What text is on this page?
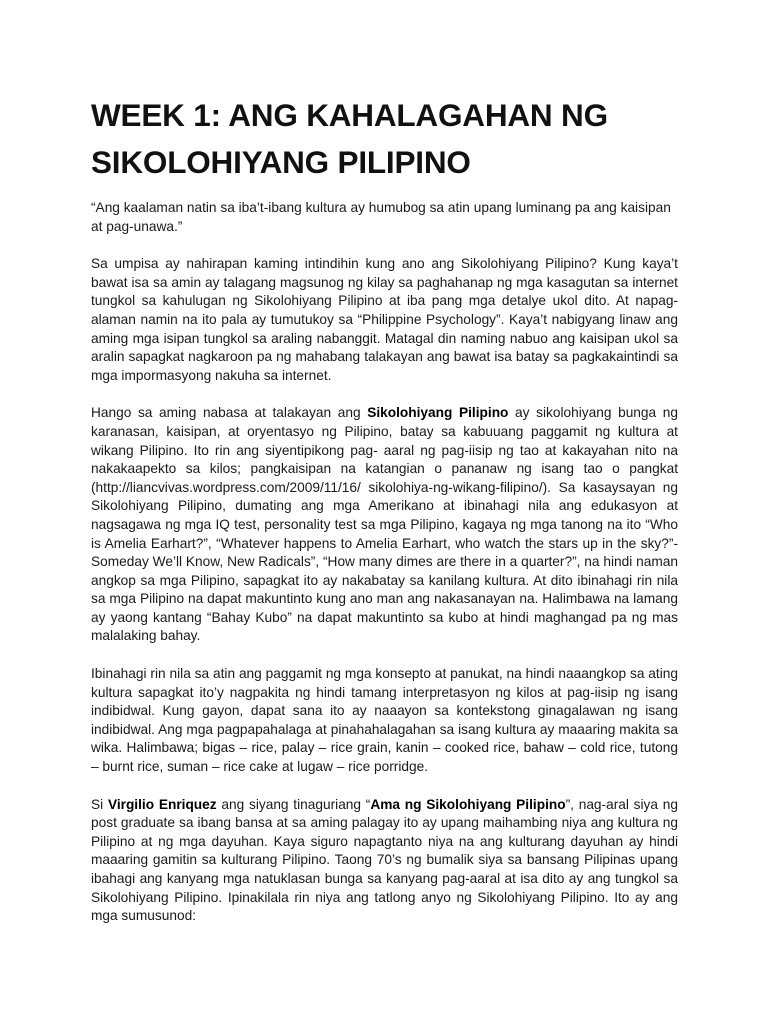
WEEK 1: ANG KAHALAGAHAN NG SIKOLOHIYANG PILIPINO

“Ang kaalaman natin sa iba’t-ibang kultura ay humubog sa atin upang luminang pa ang kaisipan at pag-unawa.”

Sa umpisa ay nahirapan kaming intindihin kung ano ang Sikolohiyang Pilipino? Kung kaya’t bawat isa sa amin ay talagang magsunog ng kilay sa paghahanap ng mga kasagutan sa internet tungkol sa kahulugan ng Sikolohiyang Pilipino at iba pang mga detalye ukol dito. At napag-alaman namin na ito pala ay tumutukoy sa “Philippine Psychology”. Kaya’t nabigyang linaw ang aming mga isipan tungkol sa araling nabanggit. Matagal din naming nabuo ang kaisipan ukol sa aralin sapagkat nagkaroon pa ng mahabang talakayan ang bawat isa batay sa pagkakaintindi sa mga impormasyong nakuha sa internet.

Hango sa aming nabasa at talakayan ang Sikolohiyang Pilipino ay sikolohiyang bunga ng karanasan, kaisipan, at oryentasyo ng Pilipino, batay sa kabuuang paggamit ng kultura at wikang Pilipino. Ito rin ang siyentipikong pag- aaral ng pag-iisip ng tao at kakayahan nito na nakakaapekto sa kilos; pangkaisipan na katangian o pananaw ng isang tao o pangkat (http://liancvivas.wordpress.com/2009/11/16/ sikolohiya-ng-wikang-filipino/). Sa kasaysayan ng Sikolohiyang Pilipino, dumating ang mga Amerikano at ibinahagi nila ang edukasyon at nagsagawa ng mga IQ test, personality test sa mga Pilipino, kagaya ng mga tanong na ito “Who is Amelia Earhart?”, “Whatever happens to Amelia Earhart, who watch the stars up in the sky?”- Someday We’ll Know, New Radicals”, “How many dimes are there in a quarter?”, na hindi naman angkop sa mga Pilipino, sapagkat ito ay nakabatay sa kanilang kultura. At dito ibinahagi rin nila sa mga Pilipino na dapat makuntinto kung ano man ang nakasanayan na. Halimbawa na lamang ay yaong kantang “Bahay Kubo” na dapat makuntinto sa kubo at hindi maghangad pa ng mas malalaking bahay.

Ibinahagi rin nila sa atin ang paggamit ng mga konsepto at panukat, na hindi naaangkop sa ating kultura sapagkat ito’y nagpakita ng hindi tamang interpretasyon ng kilos at pag-iisip ng isang indibidwal. Kung gayon, dapat sana ito ay naaayon sa kontekstong ginagalawan ng isang indibidwal. Ang mga pagpapahalaga at pinahahalagahan sa isang kultura ay maaaring makita sa wika. Halimbawa; bigas – rice, palay – rice grain, kanin – cooked rice, bahaw – cold rice, tutong – burnt rice, suman – rice cake at lugaw – rice porridge.

Si Virgilio Enriquez ang siyang tinaguriang “Ama ng Sikolohiyang Pilipino”, nag-aral siya ng post graduate sa ibang bansa at sa aming palagay ito ay upang maihambing niya ang kultura ng Pilipino at ng mga dayuhan. Kaya siguro napagtanto niya na ang kulturang dayuhan ay hindi maaaring gamitin sa kulturang Pilipino. Taong 70’s ng bumalik siya sa bansang Pilipinas upang ibahagi ang kanyang mga natuklasan bunga sa kanyang pag-aaral at isa dito ay ang tungkol sa Sikolohiyang Pilipino. Ipinakilala rin niya ang tatlong anyo ng Sikolohiyang Pilipino. Ito ay ang mga sumusunod:
